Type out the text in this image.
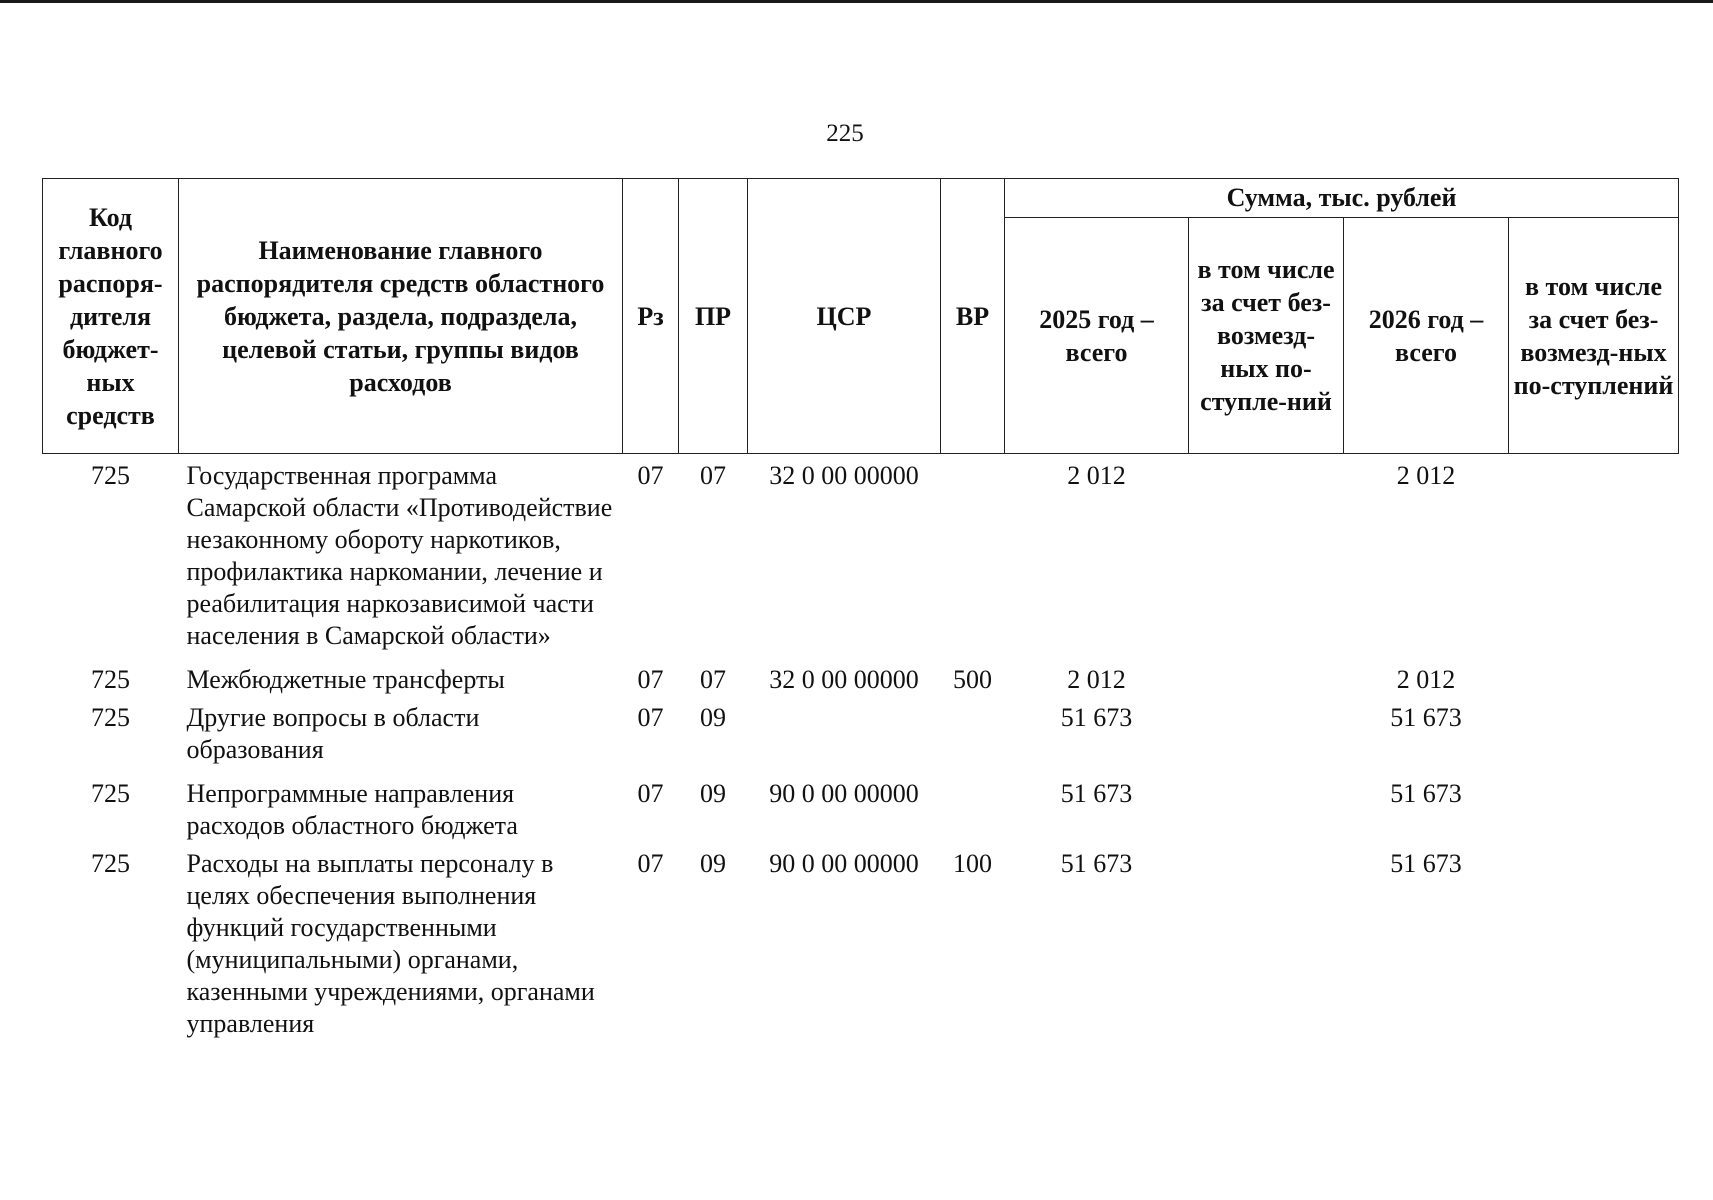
225
Код главного распоря-дителя бюджет-ных средств	Наименование главного распорядителя средств областного бюджета, раздела, подраздела, целевой статьи, группы видов расходов	Рз	ПР	ЦСР	ВР	Сумма, тыс. рублей			
						2025 год – всего	в том числе за счет без-возмезд-ных по-ступле-ний	2026 год – всего	в том числе за счет без-возмезд-ных по-ступлений
725	Государственная программа Самарской области «Противодействие незаконному обороту наркотиков, профилактика наркомании, лечение и реабилитация наркозависимой части населения в Самарской области»	07	07	32 0 00 00000		2 012		2 012	
725	Межбюджетные трансферты	07	07	32 0 00 00000	500	2 012		2 012	
725	Другие вопросы в области образования	07	09			51 673		51 673	
725	Непрограммные направления расходов областного бюджета	07	09	90 0 00 00000		51 673		51 673	
725	Расходы на выплаты персоналу в целях обеспечения выполнения функций государственными (муниципальными) органами, казенными учреждениями, органами управления	07	09	90 0 00 00000	100	51 673		51 673	
